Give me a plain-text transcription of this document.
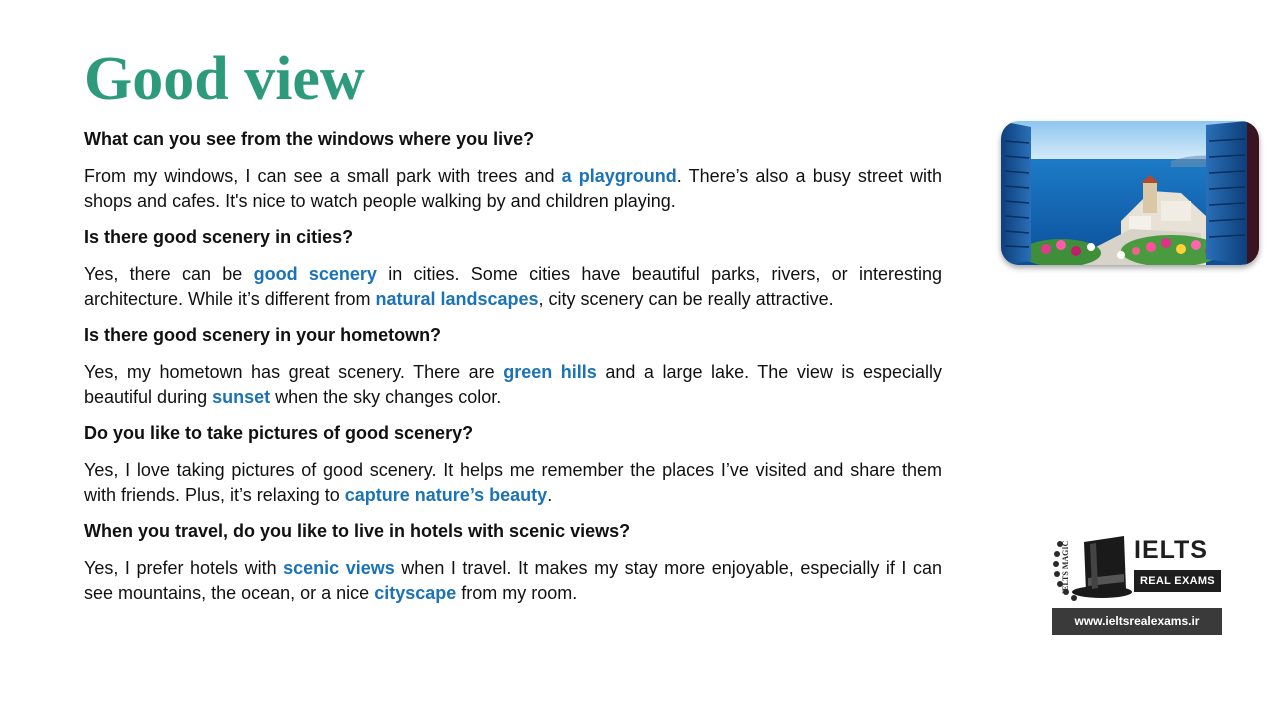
Good view

What can you see from the windows where you live?

From my windows, I can see a small park with trees and a playground. There’s also a busy street with shops and cafes. It's nice to watch people walking by and children playing.

Is there good scenery in cities?

Yes, there can be good scenery in cities. Some cities have beautiful parks, rivers, or interesting architecture. While it’s different from natural landscapes, city scenery can be really attractive.

Is there good scenery in your hometown?

Yes, my hometown has great scenery. There are green hills and a large lake. The view is especially beautiful during sunset when the sky changes color.

Do you like to take pictures of good scenery?

Yes, I love taking pictures of good scenery. It helps me remember the places I’ve visited and share them with friends. Plus, it’s relaxing to capture nature’s beauty.

When you travel, do you like to live in hotels with scenic views?

Yes, I prefer hotels with scenic views when I travel. It makes my stay more enjoyable, especially if I can see mountains, the ocean, or a nice cityscape from my room.	IELTS MAGIC	IELTS
REAL EXAMS
www.ieltsrealexams.ir
